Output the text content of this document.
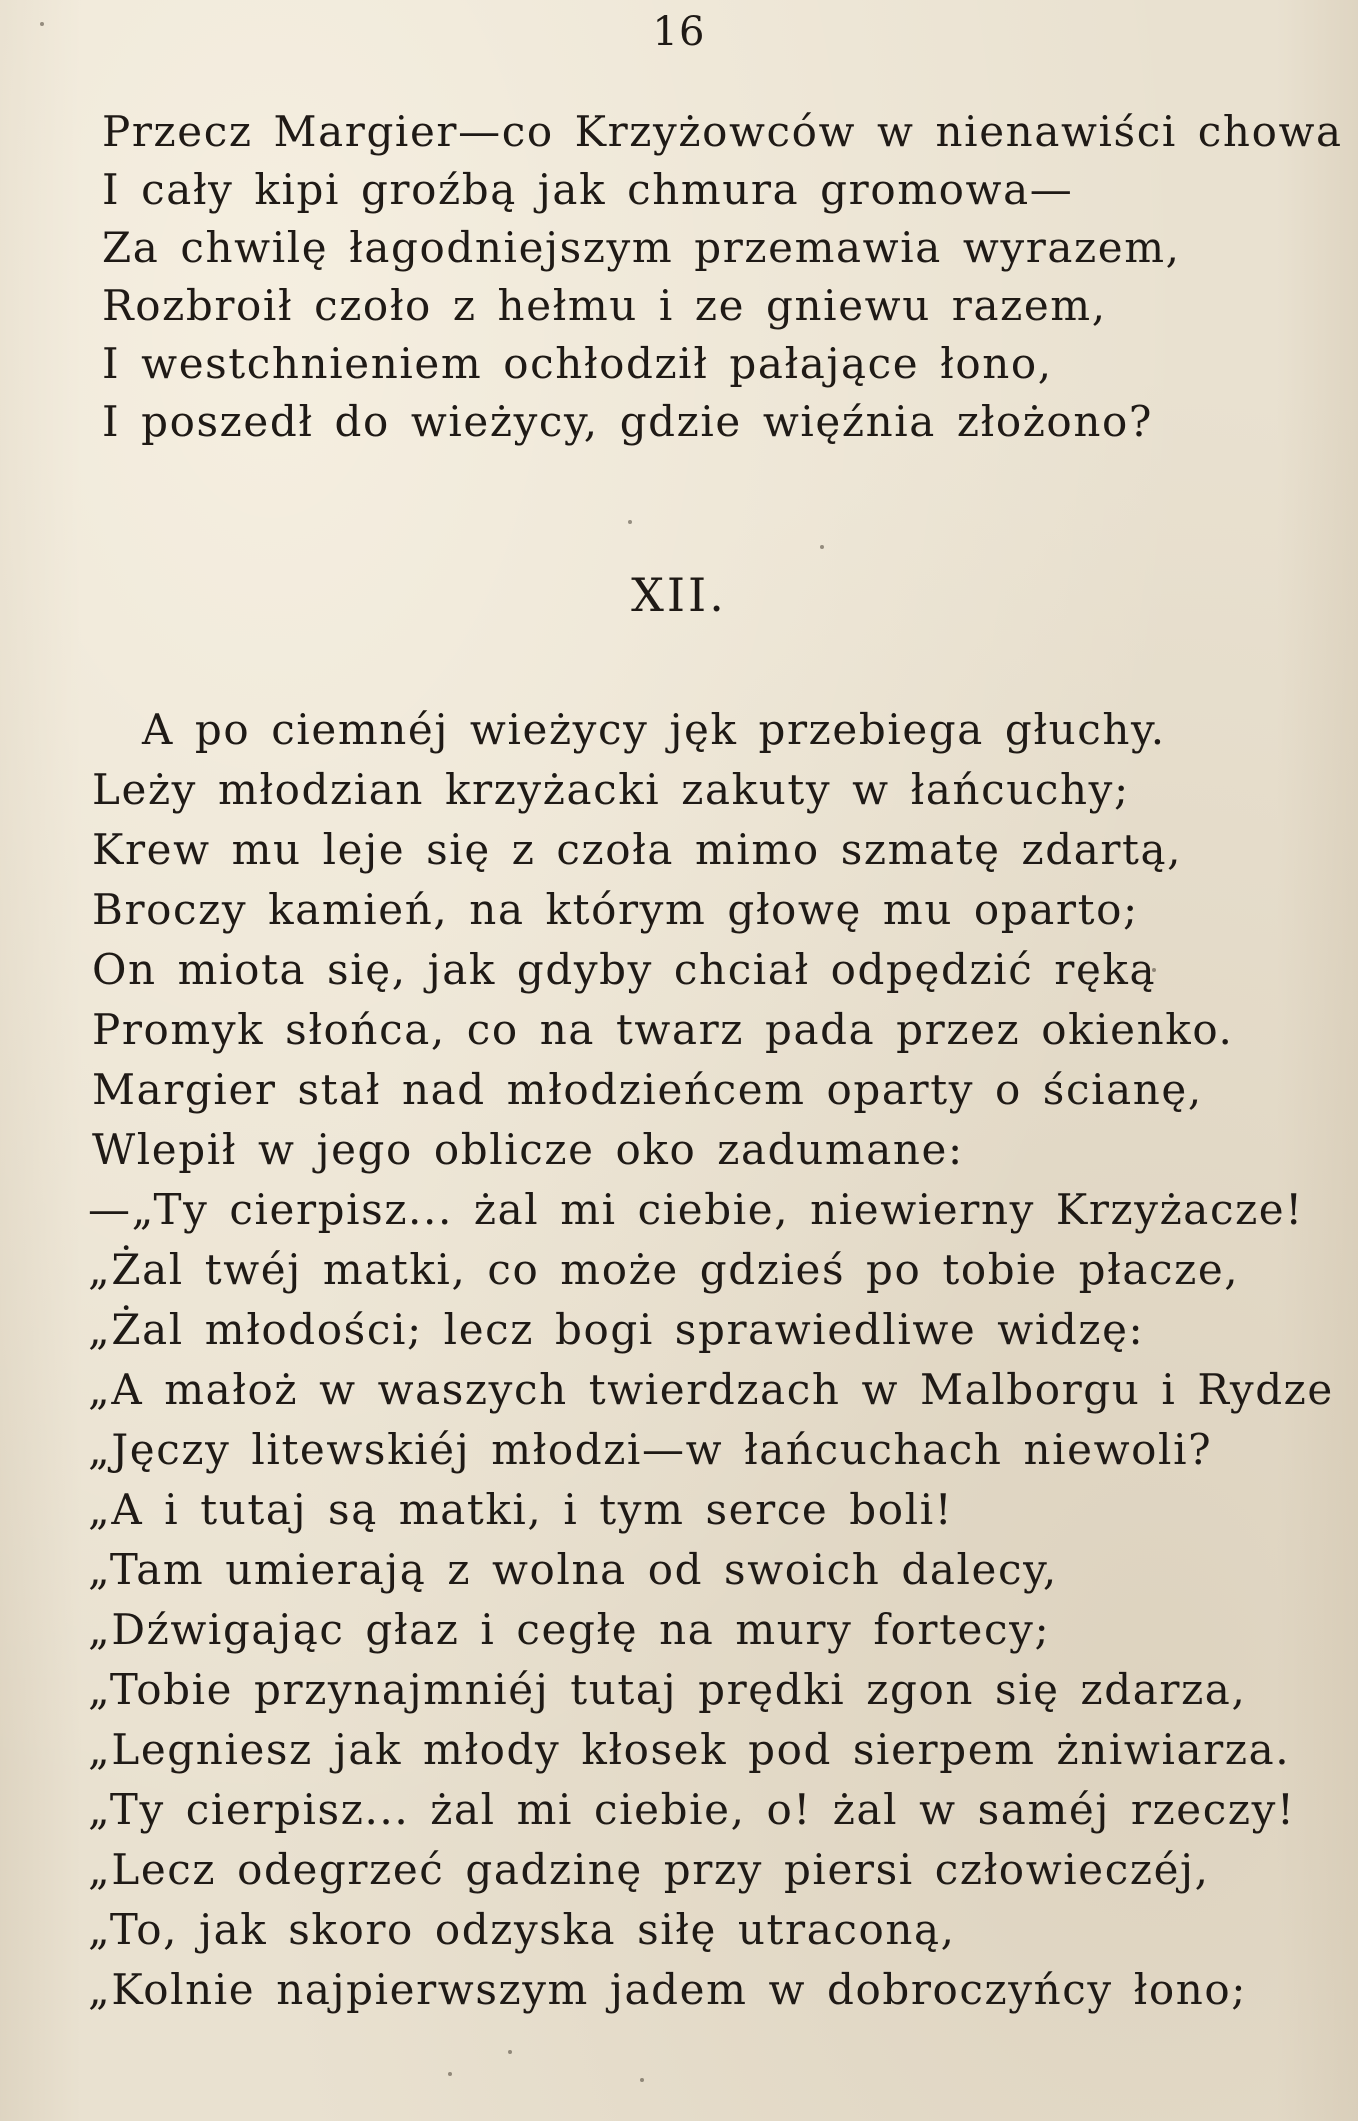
16
Przecz Margier—co Krzyżowców w nienawiści chowa
I cały kipi groźbą jak chmura gromowa—
Za chwilę łagodniejszym przemawia wyrazem,
Rozbroił czoło z hełmu i ze gniewu razem,
I westchnieniem ochłodził pałające łono,
I poszedł do wieżycy, gdzie więźnia złożono?
XII.
A po ciemnéj wieżycy jęk przebiega głuchy.
Leży młodzian krzyżacki zakuty w łańcuchy;
Krew mu leje się z czoła mimo szmatę zdartą,
Broczy kamień, na którym głowę mu oparto;
On miota się, jak gdyby chciał odpędzić ręką
Promyk słońca, co na twarz pada przez okienko.
Margier stał nad młodzieńcem oparty o ścianę,
Wlepił w jego oblicze oko zadumane:
—„Ty cierpisz... żal mi ciebie, niewierny Krzyżacze!
„Żal twéj matki, co może gdzieś po tobie płacze,
„Żal młodości; lecz bogi sprawiedliwe widzę:
„A małoż w waszych twierdzach w Malborgu i Rydze
„Jęczy litewskiéj młodzi—w łańcuchach niewoli?
„A i tutaj są matki, i tym serce boli!
„Tam umierają z wolna od swoich dalecy,
„Dźwigając głaz i cegłę na mury fortecy;
„Tobie przynajmniéj tutaj prędki zgon się zdarza,
„Legniesz jak młody kłosek pod sierpem żniwiarza.
„Ty cierpisz... żal mi ciebie, o! żal w saméj rzeczy!
„Lecz odegrzeć gadzinę przy piersi człowieczéj,
„To, jak skoro odzyska siłę utraconą,
„Kolnie najpierwszym jadem w dobroczyńcy łono;
